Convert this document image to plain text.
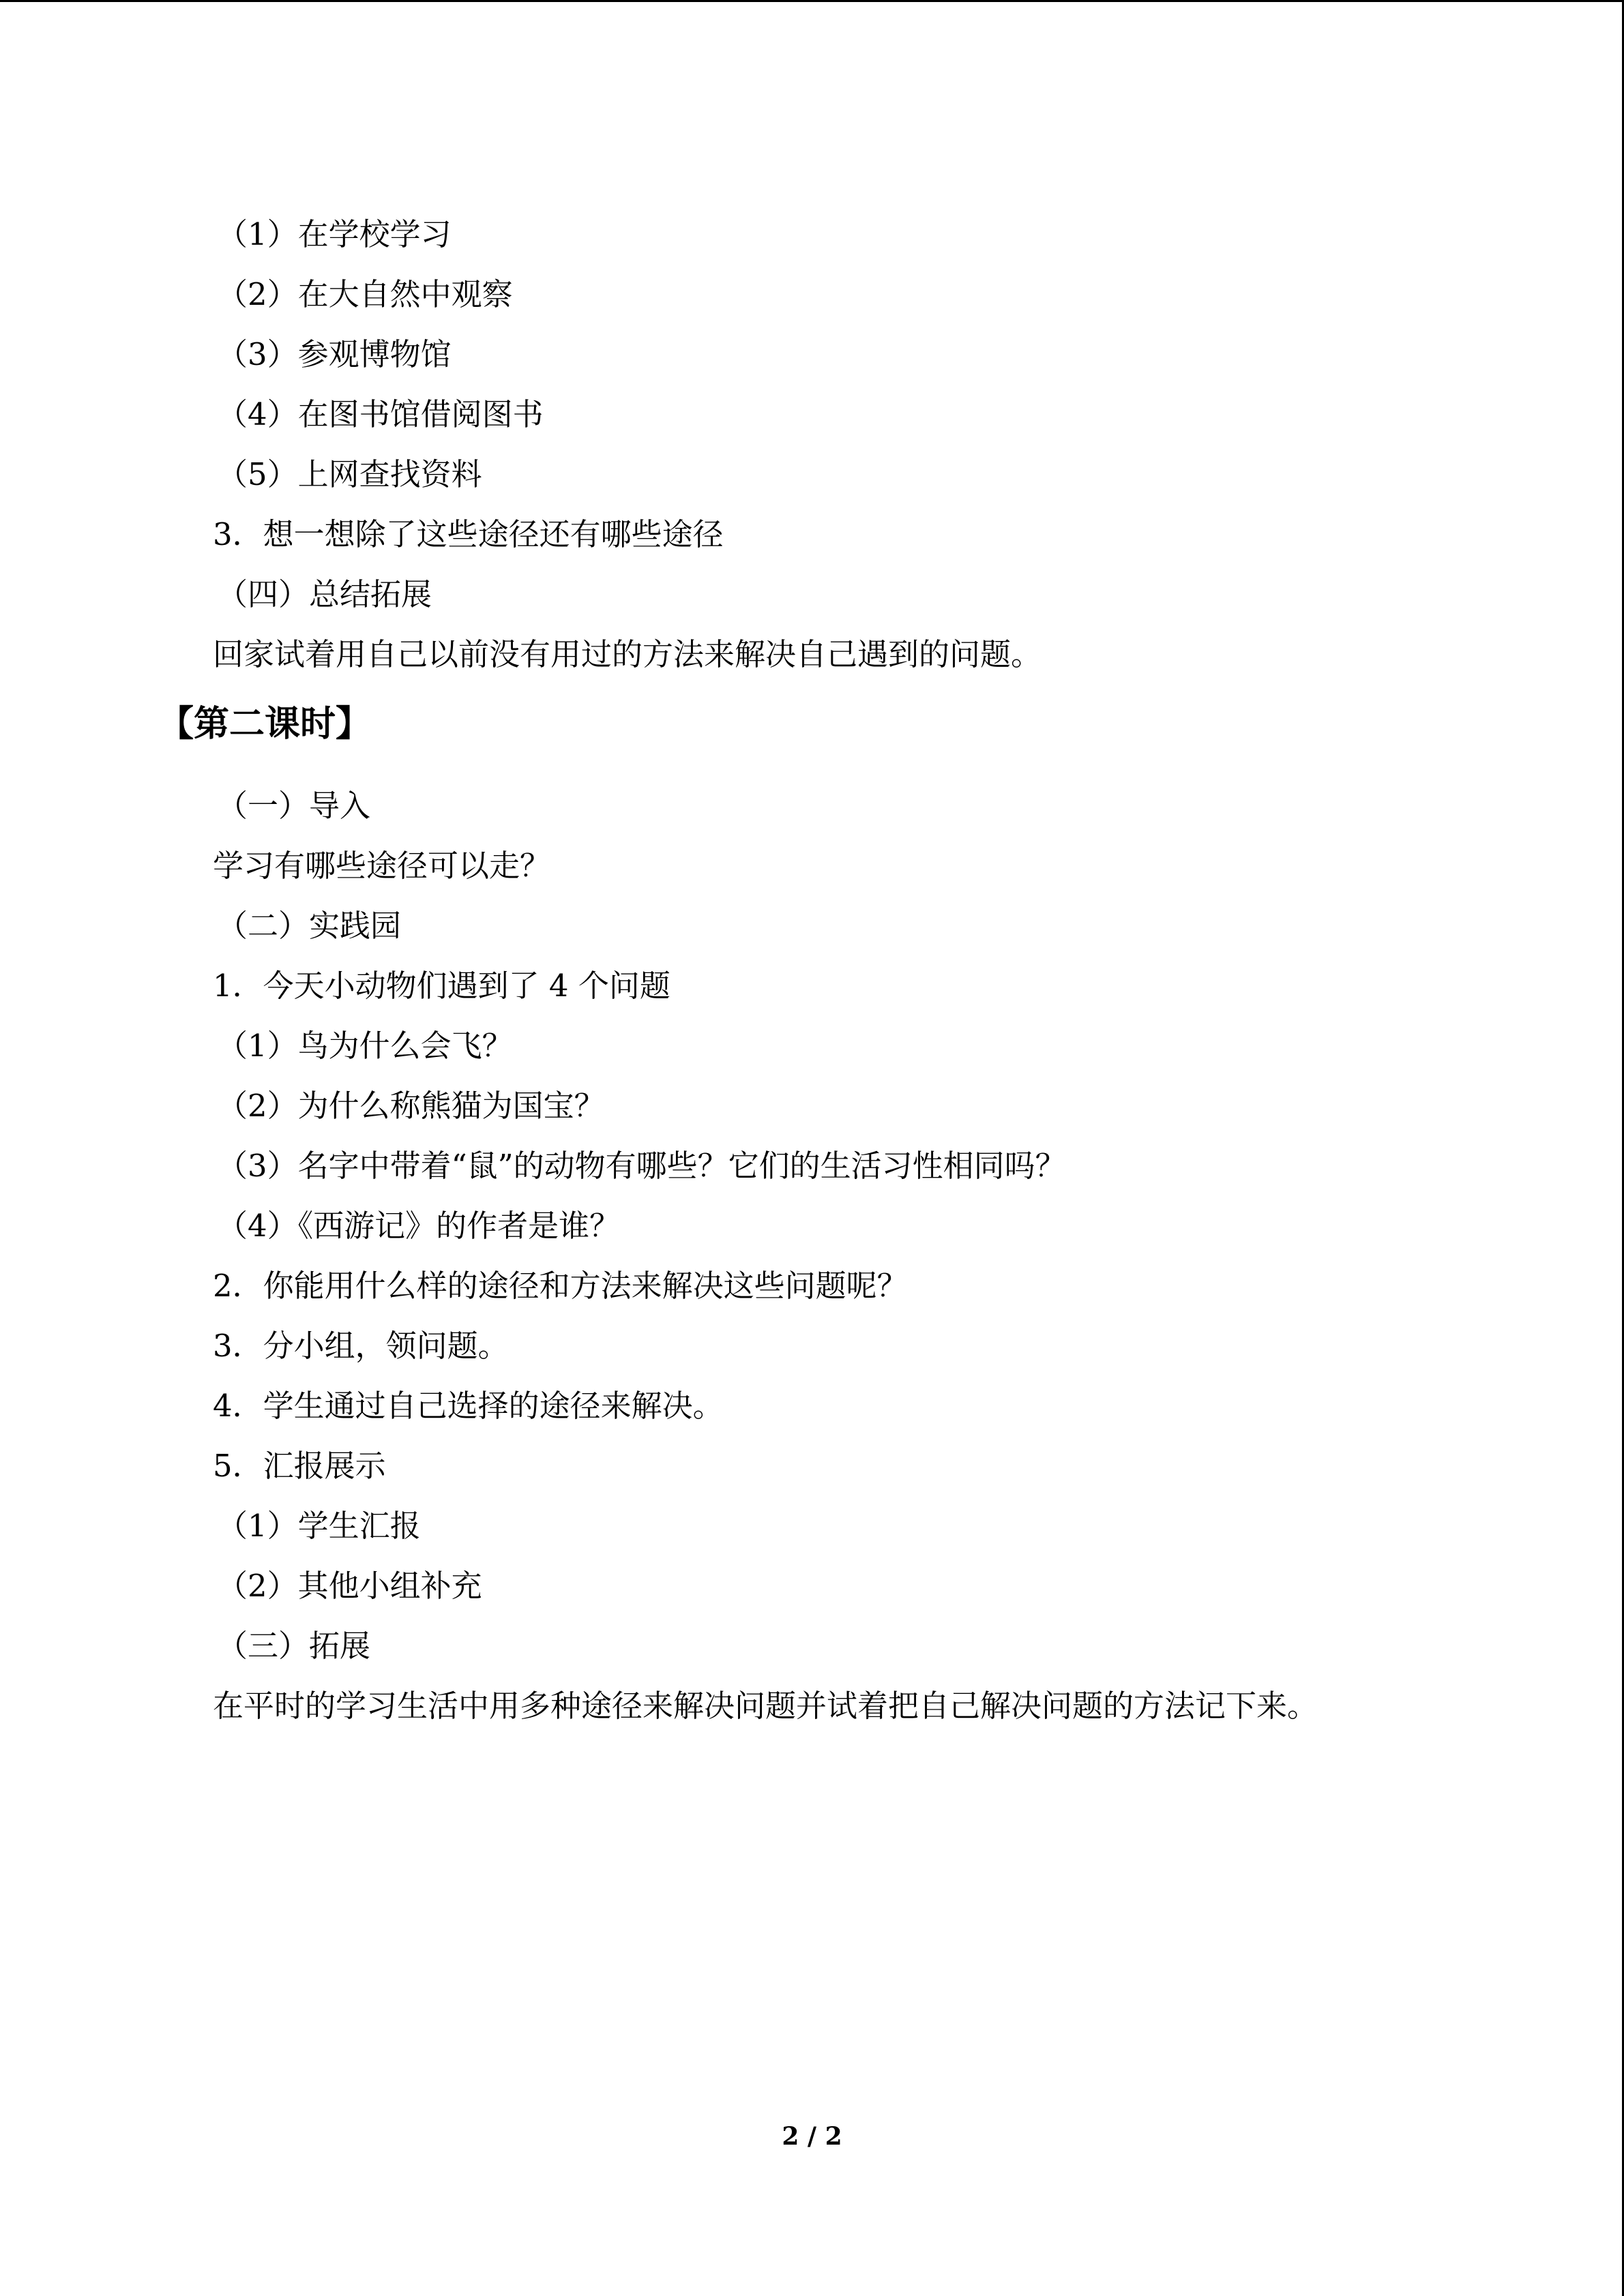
（1）在学校学习
（2）在大自然中观察
（3）参观博物馆
（4）在图书馆借阅图书
（5）上网查找资料
3．想一想除了这些途径还有哪些途径
（四）总结拓展
回家试着用自己以前没有用过的方法来解决自己遇到的问题。
【第二课时】
（一）导入
学习有哪些途径可以走？
（二）实践园
1．今天小动物们遇到了 4 个问题
（1）鸟为什么会飞？
（2）为什么称熊猫为国宝？
（3）名字中带着“鼠”的动物有哪些？它们的生活习性相同吗？
（4）《西游记》的作者是谁？
2．你能用什么样的途径和方法来解决这些问题呢？
3．分小组，领问题。
4．学生通过自己选择的途径来解决。
5．汇报展示
（1）学生汇报
（2）其他小组补充
（三）拓展
在平时的学习生活中用多种途径来解决问题并试着把自己解决问题的方法记下来。
2 / 2
